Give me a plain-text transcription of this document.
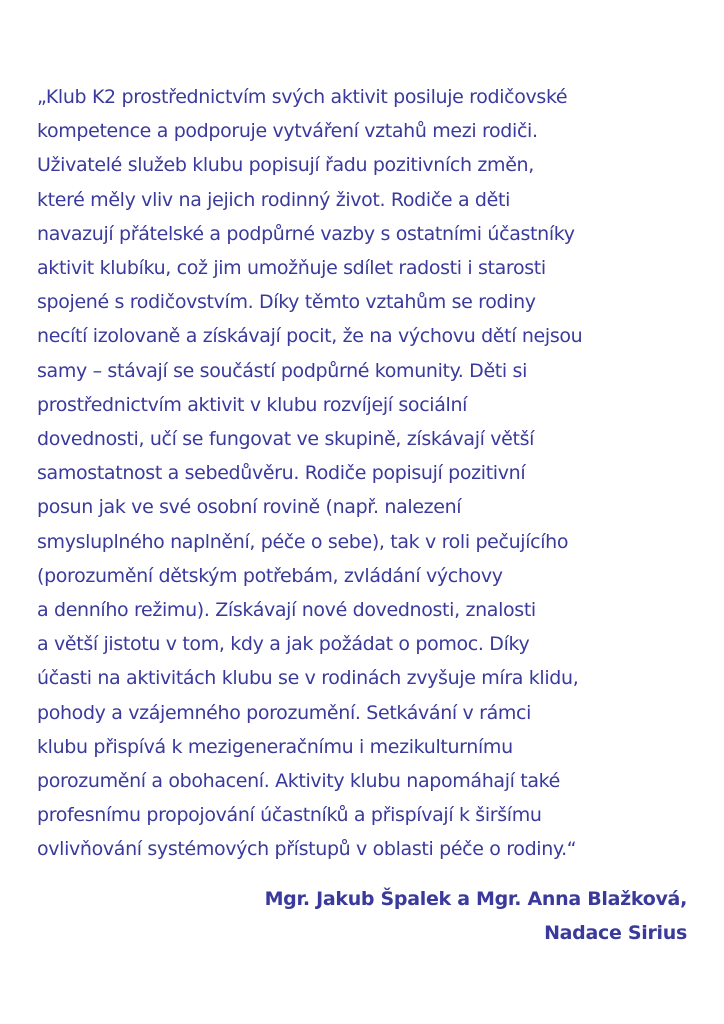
„Klub K2 prostřednictvím svých aktivit posiluje rodičovské
kompetence a podporuje vytváření vztahů mezi rodiči.
Uživatelé služeb klubu popisují řadu pozitivních změn,
které měly vliv na jejich rodinný život. Rodiče a děti
navazují přátelské a podpůrné vazby s ostatními účastníky
aktivit klubíku, což jim umožňuje sdílet radosti i starosti
spojené s rodičovstvím. Díky těmto vztahům se rodiny
necítí izolovaně a získávají pocit, že na výchovu dětí nejsou
samy – stávají se součástí podpůrné komunity. Děti si
prostřednictvím aktivit v klubu rozvíjejí sociální
dovednosti, učí se fungovat ve skupině, získávají větší
samostatnost a sebedůvěru. Rodiče popisují pozitivní
posun jak ve své osobní rovině (např. nalezení
smysluplného naplnění, péče o sebe), tak v roli pečujícího
(porozumění dětským potřebám, zvládání výchovy
a denního režimu). Získávají nové dovednosti, znalosti
a větší jistotu v tom, kdy a jak požádat o pomoc. Díky
účasti na aktivitách klubu se v rodinách zvyšuje míra klidu,
pohody a vzájemného porozumění. Setkávání v rámci
klubu přispívá k mezigeneračnímu i mezikulturnímu
porozumění a obohacení. Aktivity klubu napomáhají také
profesnímu propojování účastníků a přispívají k širšímu
ovlivňování systémových přístupů v oblasti péče o rodiny.“

Mgr. Jakub Špalek a Mgr. Anna Blažková,
Nadace Sirius
